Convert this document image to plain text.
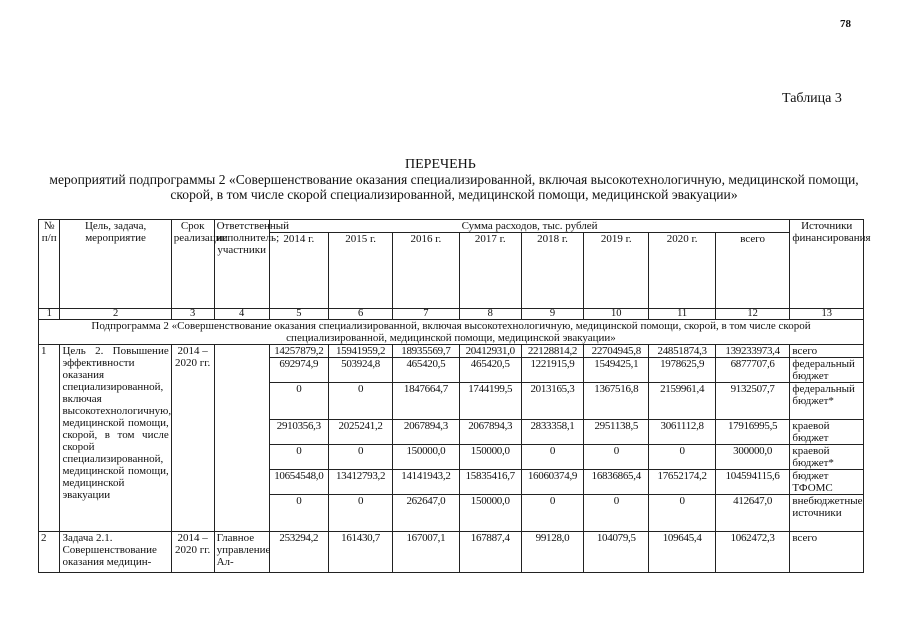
78
Таблица 3
ПЕРЕЧЕНЬ
мероприятий подпрограммы 2 «Совершенствование оказания специализированной, включая высокотехнологичную, медицинской помощи, скорой, в том числе скорой специализированной, медицинской помощи, медицинской эвакуации»
№ п/п	Цель, задача, мероприятие	Срок реализации	Ответственный исполнитель; участники	Сумма расходов, тыс. рублей								Источники финансирования
				2014 г.	2015 г.	2016 г.	2017 г.	2018 г.	2019 г.	2020 г.	всего	
1	2	3	4	5	6	7	8	9	10	11	12	13
Подпрограмма 2 «Совершенствование оказания специализированной, включая высокотехнологичную, медицинской помощи, скорой, в том числе скорой специализированной, медицинской помощи, медицинской эвакуации»												
1	Цель 2. Повышение эффективности оказания специализированной, включая высокотехнологичную, медицинской помощи, скорой, в том числе скорой специализированной, медицинской помощи, медицинской эвакуации	2014 – 2020 гг.		14257879,2	15941959,2	18935569,7	20412931,0	22128814,2	22704945,8	24851874,3	139233973,4	всего
				692974,9	503924,8	465420,5	465420,5	1221915,9	1549425,1	1978625,9	6877707,6	федеральный бюджет
				0	0	1847664,7	1744199,5	2013165,3	1367516,8	2159961,4	9132507,7	федеральный бюджет*
				2910356,3	2025241,2	2067894,3	2067894,3	2833358,1	2951138,5	3061112,8	17916995,5	краевой бюджет
				0	0	150000,0	150000,0	0	0	0	300000,0	краевой бюджет*
				10654548,0	13412793,2	14141943,2	15835416,7	16060374,9	16836865,4	17652174,2	104594115,6	бюджет ТФОМС
				0	0	262647,0	150000,0	0	0	0	412647,0	внебюджетные источники
2	Задача 2.1. Совершенствование оказания медицин-	2014 – 2020 гг.	Главное управление Ал-	253294,2	161430,7	167007,1	167887,4	99128,0	104079,5	109645,4	1062472,3	всего
